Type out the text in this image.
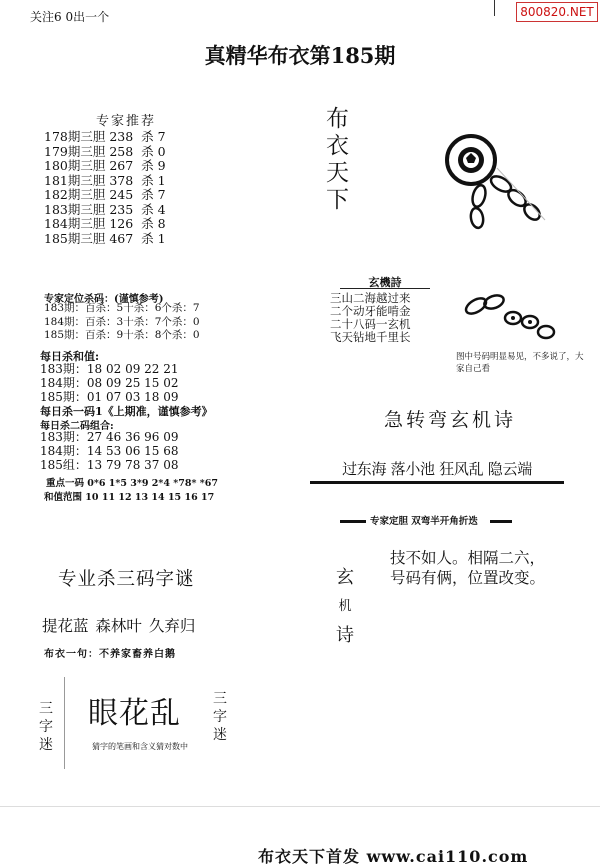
关注6 0出一个	800820.NET
真精华布衣第185期
专家推荐
178期三胆 238  杀 7
179期三胆 258  杀 0
180期三胆 267  杀 9
181期三胆 378  杀 1
182期三胆 245  杀 7
183期三胆 235  杀 4
184期三胆 126  杀 8
185期三胆 467  杀 1
专家定位杀码：(谨慎参考)
183期：百杀：5十杀：6个杀：7
184期：百杀：3十杀：7个杀：0
185期：百杀：9十杀：8个杀：0
每日杀和值:
183期：18 02 09 22 21
184期：08 09 25 15 02
185期：01 07 03 18 09
每日杀一码1《上期准，谨慎参考》
每日杀二码组合:
183期：27 46 36 96 09
184期：14 53 06 15 68
185组：13 79 78 37 08
重点一码 0*6 1*5 3*9 2*4 *78* *67
和值范围 10 11 12 13 14 15 16 17
布衣天下
玄機詩
三山二海越过来
二个动牙能啃金
二十八码一玄机
飞天钻地千里长
图中号码明显易见，不多说了，大家自己看
急转弯玄机诗
过东海 落小池 狂风乱 隐云端
专家定胆 双弯半开角折迭
玄
机
诗
技不如人。相隔二六，
号码有俩，位置改变。
专业杀三码字谜
提花蓝 森林叶 久弃归
布衣一句：不养家畜养白鹅
三
字
迷
眼花乱
猜字的笔画和含义猜对数中
三
字
迷
布衣天下首发 www.cai110.com
